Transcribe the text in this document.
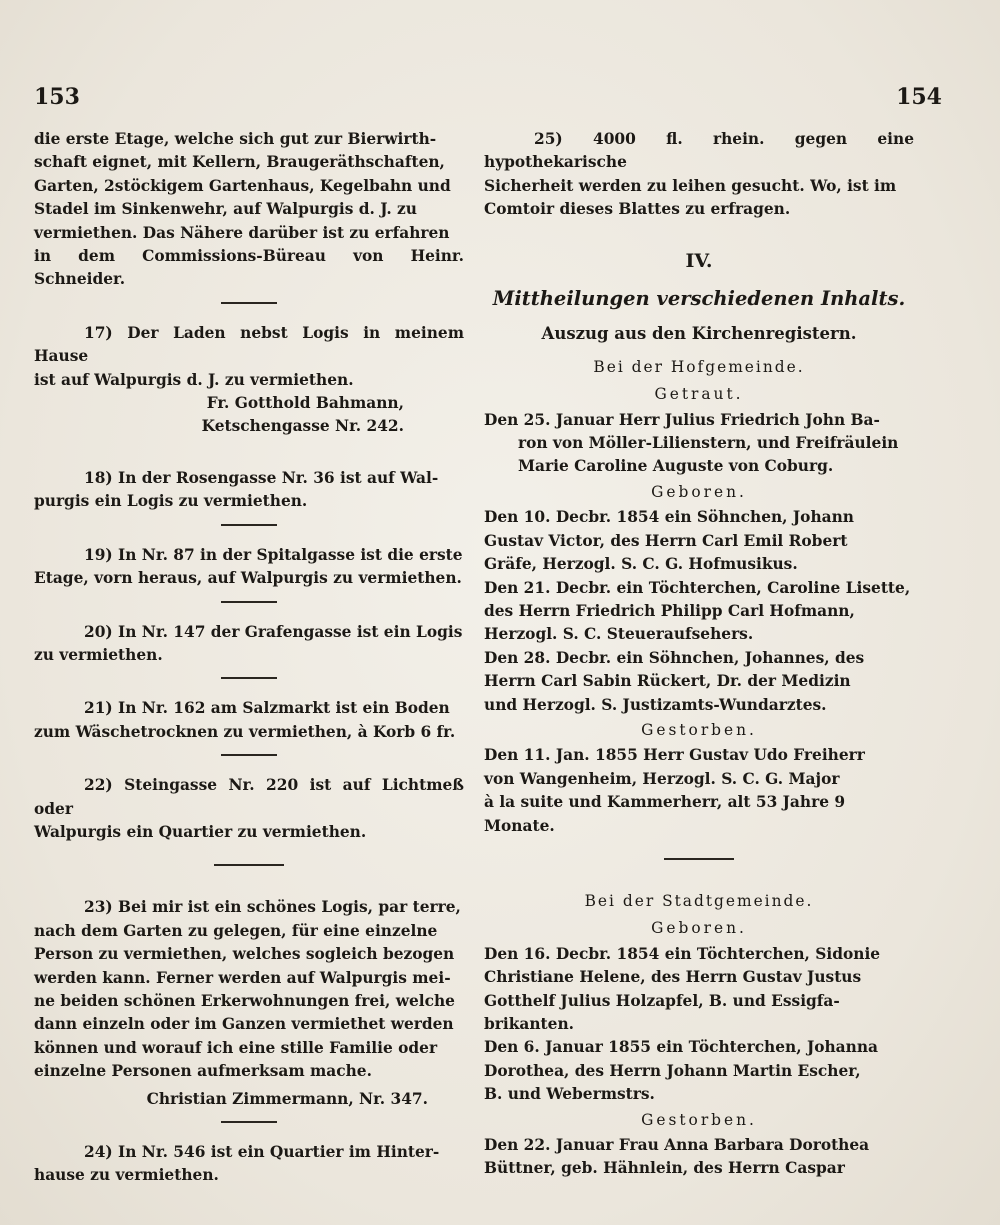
153	154

die erste Etage, welche sich gut zur Bierwirth-
schaft eignet, mit Kellern, Braugeräthschaften,
Garten, 2stöckigem Gartenhaus, Kegelbahn und
Stadel im Sinkenwehr, auf Walpurgis d. J. zu
vermiethen. Das Nähere darüber ist zu erfahren
in dem Commissions-Büreau von Heinr. Schneider.

17) Der Laden nebst Logis in meinem Hause
ist auf Walpurgis d. J. zu vermiethen.

Fr. Gotthold Bahmann,
Ketschengasse Nr. 242.

18) In der Rosengasse Nr. 36 ist auf Wal-
purgis ein Logis zu vermiethen.

19) In Nr. 87 in der Spitalgasse ist die erste
Etage, vorn heraus, auf Walpurgis zu vermiethen.

20) In Nr. 147 der Grafengasse ist ein Logis
zu vermiethen.

21) In Nr. 162 am Salzmarkt ist ein Boden
zum Wäschetrocknen zu vermiethen, à Korb 6 fr.

22) Steingasse Nr. 220 ist auf Lichtmeß oder
Walpurgis ein Quartier zu vermiethen.

23) Bei mir ist ein schönes Logis, par terre,
nach dem Garten zu gelegen, für eine einzelne
Person zu vermiethen, welches sogleich bezogen
werden kann. Ferner werden auf Walpurgis mei-
ne beiden schönen Erkerwohnungen frei, welche
dann einzeln oder im Ganzen vermiethet werden
können und worauf ich eine stille Familie oder
einzelne Personen aufmerksam mache.

Christian Zimmermann, Nr. 347.

24) In Nr. 546 ist ein Quartier im Hinter-
hause zu vermiethen.

25) 4000 fl. rhein. gegen eine hypothekarische
Sicherheit werden zu leihen gesucht. Wo, ist im
Comtoir dieses Blattes zu erfragen.

IV.
Mittheilungen verschiedenen Inhalts.
Auszug aus den Kirchenregistern.
Bei der Hofgemeinde.
Getraut.

Den 25. Januar Herr Julius Friedrich John Ba-
ron von Möller-Lilienstern, und Freifräulein
Marie Caroline Auguste von Coburg.

Geboren.

Den 10. Decbr. 1854 ein Söhnchen, Johann
Gustav Victor, des Herrn Carl Emil Robert
Gräfe, Herzogl. S. C. G. Hofmusikus.

Den 21. Decbr. ein Töchterchen, Caroline Lisette,
des Herrn Friedrich Philipp Carl Hofmann,
Herzogl. S. C. Steueraufsehers.

Den 28. Decbr. ein Söhnchen, Johannes, des
Herrn Carl Sabin Rückert, Dr. der Medizin
und Herzogl. S. Justizamts-Wundarztes.

Gestorben.

Den 11. Jan. 1855 Herr Gustav Udo Freiherr
von Wangenheim, Herzogl. S. C. G. Major
à la suite und Kammerherr, alt 53 Jahre 9
Monate.

Bei der Stadtgemeinde.
Geboren.

Den 16. Decbr. 1854 ein Töchterchen, Sidonie
Christiane Helene, des Herrn Gustav Justus
Gotthelf Julius Holzapfel, B. und Essigfa-
brikanten.

Den 6. Januar 1855 ein Töchterchen, Johanna
Dorothea, des Herrn Johann Martin Escher,
B. und Webermstrs.

Gestorben.

Den 22. Januar Frau Anna Barbara Dorothea
Büttner, geb. Hähnlein, des Herrn Caspar
